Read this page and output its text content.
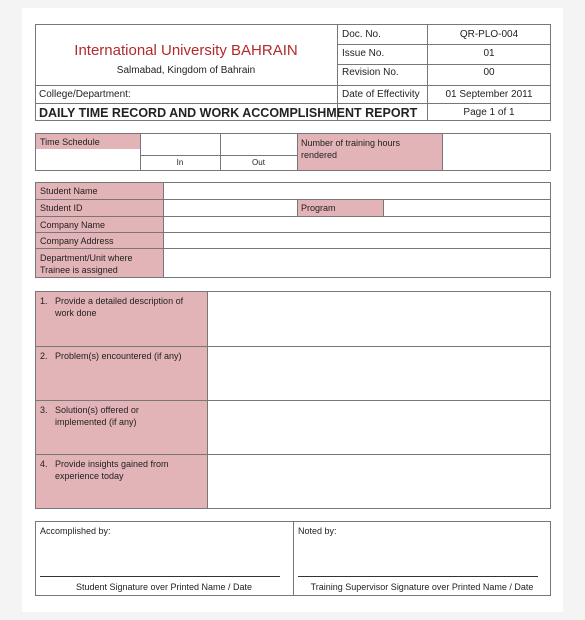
International University BAHRAIN
Salmabad, Kingdom of Bahrain
Doc. No.	QR-PLO-004
Issue No.	01
Revision No.	00
College/Department:	Date of Effectivity	01 September 2011
DAILY TIME RECORD AND WORK ACCOMPLISHMENT REPORT	Page 1 of 1
Time Schedule
In	Out
Number of training hours rendered
Student Name
Student ID	Program
Company Name
Company Address
Department/Unit where Trainee is assigned
1. Provide a detailed description of work done
2. Problem(s) encountered (if any)
3. Solution(s) offered or implemented (if any)
4. Provide insights gained from experience today
Accomplished by:
Student Signature over Printed Name / Date
Noted by:
Training Supervisor Signature over Printed Name / Date
